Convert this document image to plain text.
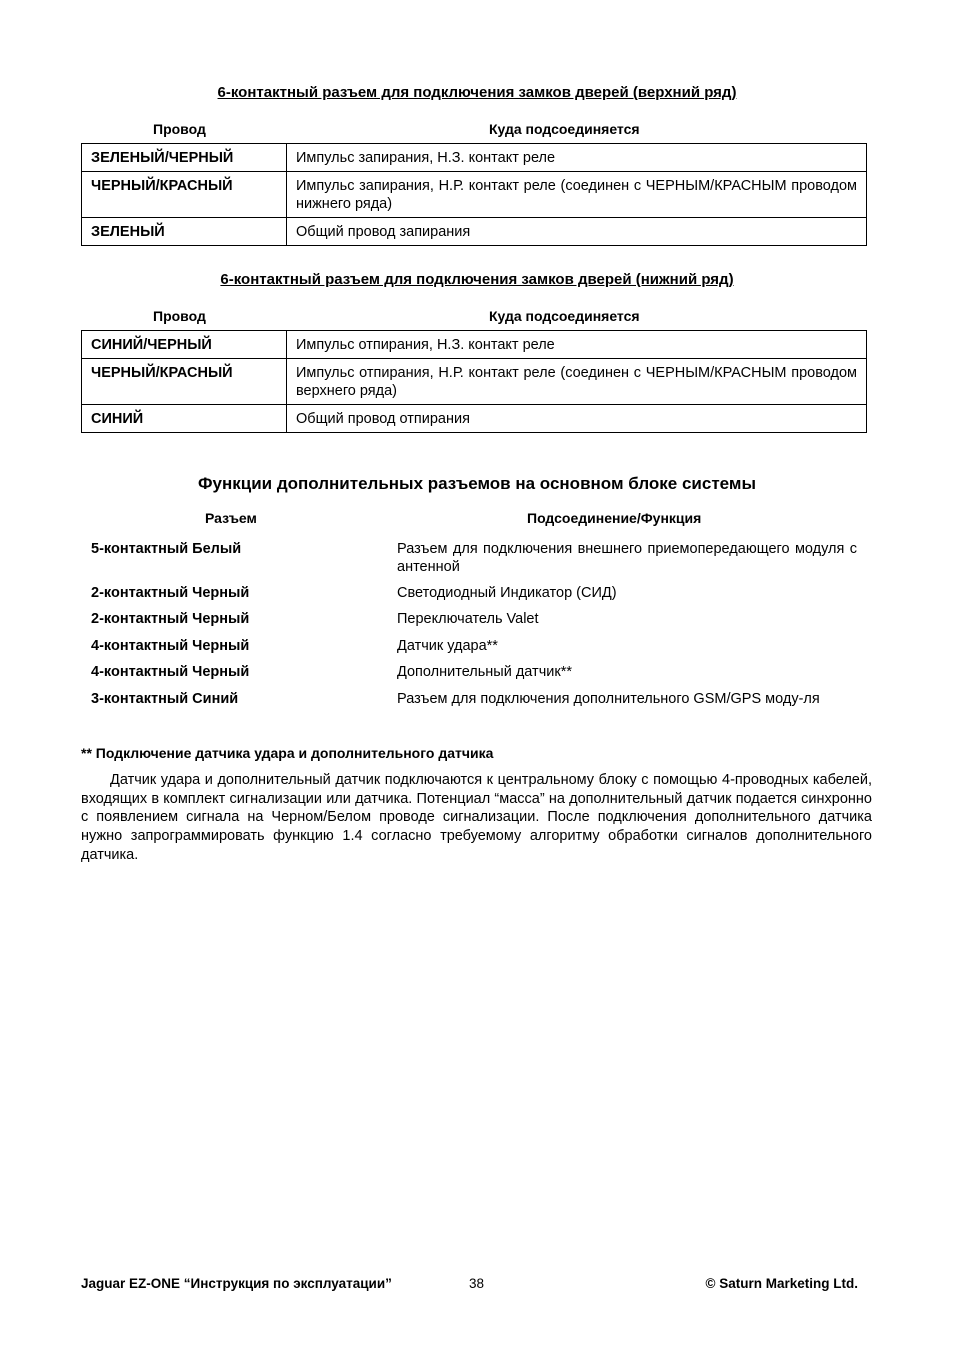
6-контактный разъем для подключения замков дверей (верхний ряд)
Провод	Куда подсоединяется
ЗЕЛЕНЫЙ/ЧЕРНЫЙ	Импульс запирания, Н.З. контакт реле
ЧЕРНЫЙ/КРАСНЫЙ	Импульс запирания, Н.Р. контакт реле (соединен с ЧЕРНЫМ/КРАСНЫМ проводом нижнего ряда)
ЗЕЛЕНЫЙ	Общий провод запирания
6-контактный разъем для подключения замков дверей (нижний ряд)
Провод	Куда подсоединяется
СИНИЙ/ЧЕРНЫЙ	Импульс отпирания, Н.З. контакт реле
ЧЕРНЫЙ/КРАСНЫЙ	Импульс отпирания, Н.Р. контакт реле (соединен с ЧЕРНЫМ/КРАСНЫМ проводом верхнего ряда)
СИНИЙ	Общий провод отпирания
Функции дополнительных разъемов на основном блоке системы
Разъем	Подсоединение/Функция
5-контактный Белый	Разъем для подключения внешнего приемопередающего модуля с антенной
2-контактный Черный	Светодиодный Индикатор (СИД)
2-контактный Черный	Переключатель Valet
4-контактный Черный	Датчик удара**
4-контактный Черный	Дополнительный датчик**
3-контактный Синий	Разъем для подключения дополнительного GSM/GPS моду-ля
** Подключение датчика удара и дополнительного датчика
Датчик удара и дополнительный датчик подключаются к центральному блоку с помощью 4-проводных кабелей, входящих в комплект сигнализации или датчика. Потенциал “масса” на дополнительный датчик подается синхронно с появлением сигнала на Черном/Белом проводе сигнализации. После подключения дополнительного датчика нужно запрограммировать функцию 1.4 согласно требуемому алгоритму обработки сигналов дополнительного датчика.
Jaguar EZ-ONE “Инструкция по эксплуатации”	38	© Saturn Marketing Ltd.
